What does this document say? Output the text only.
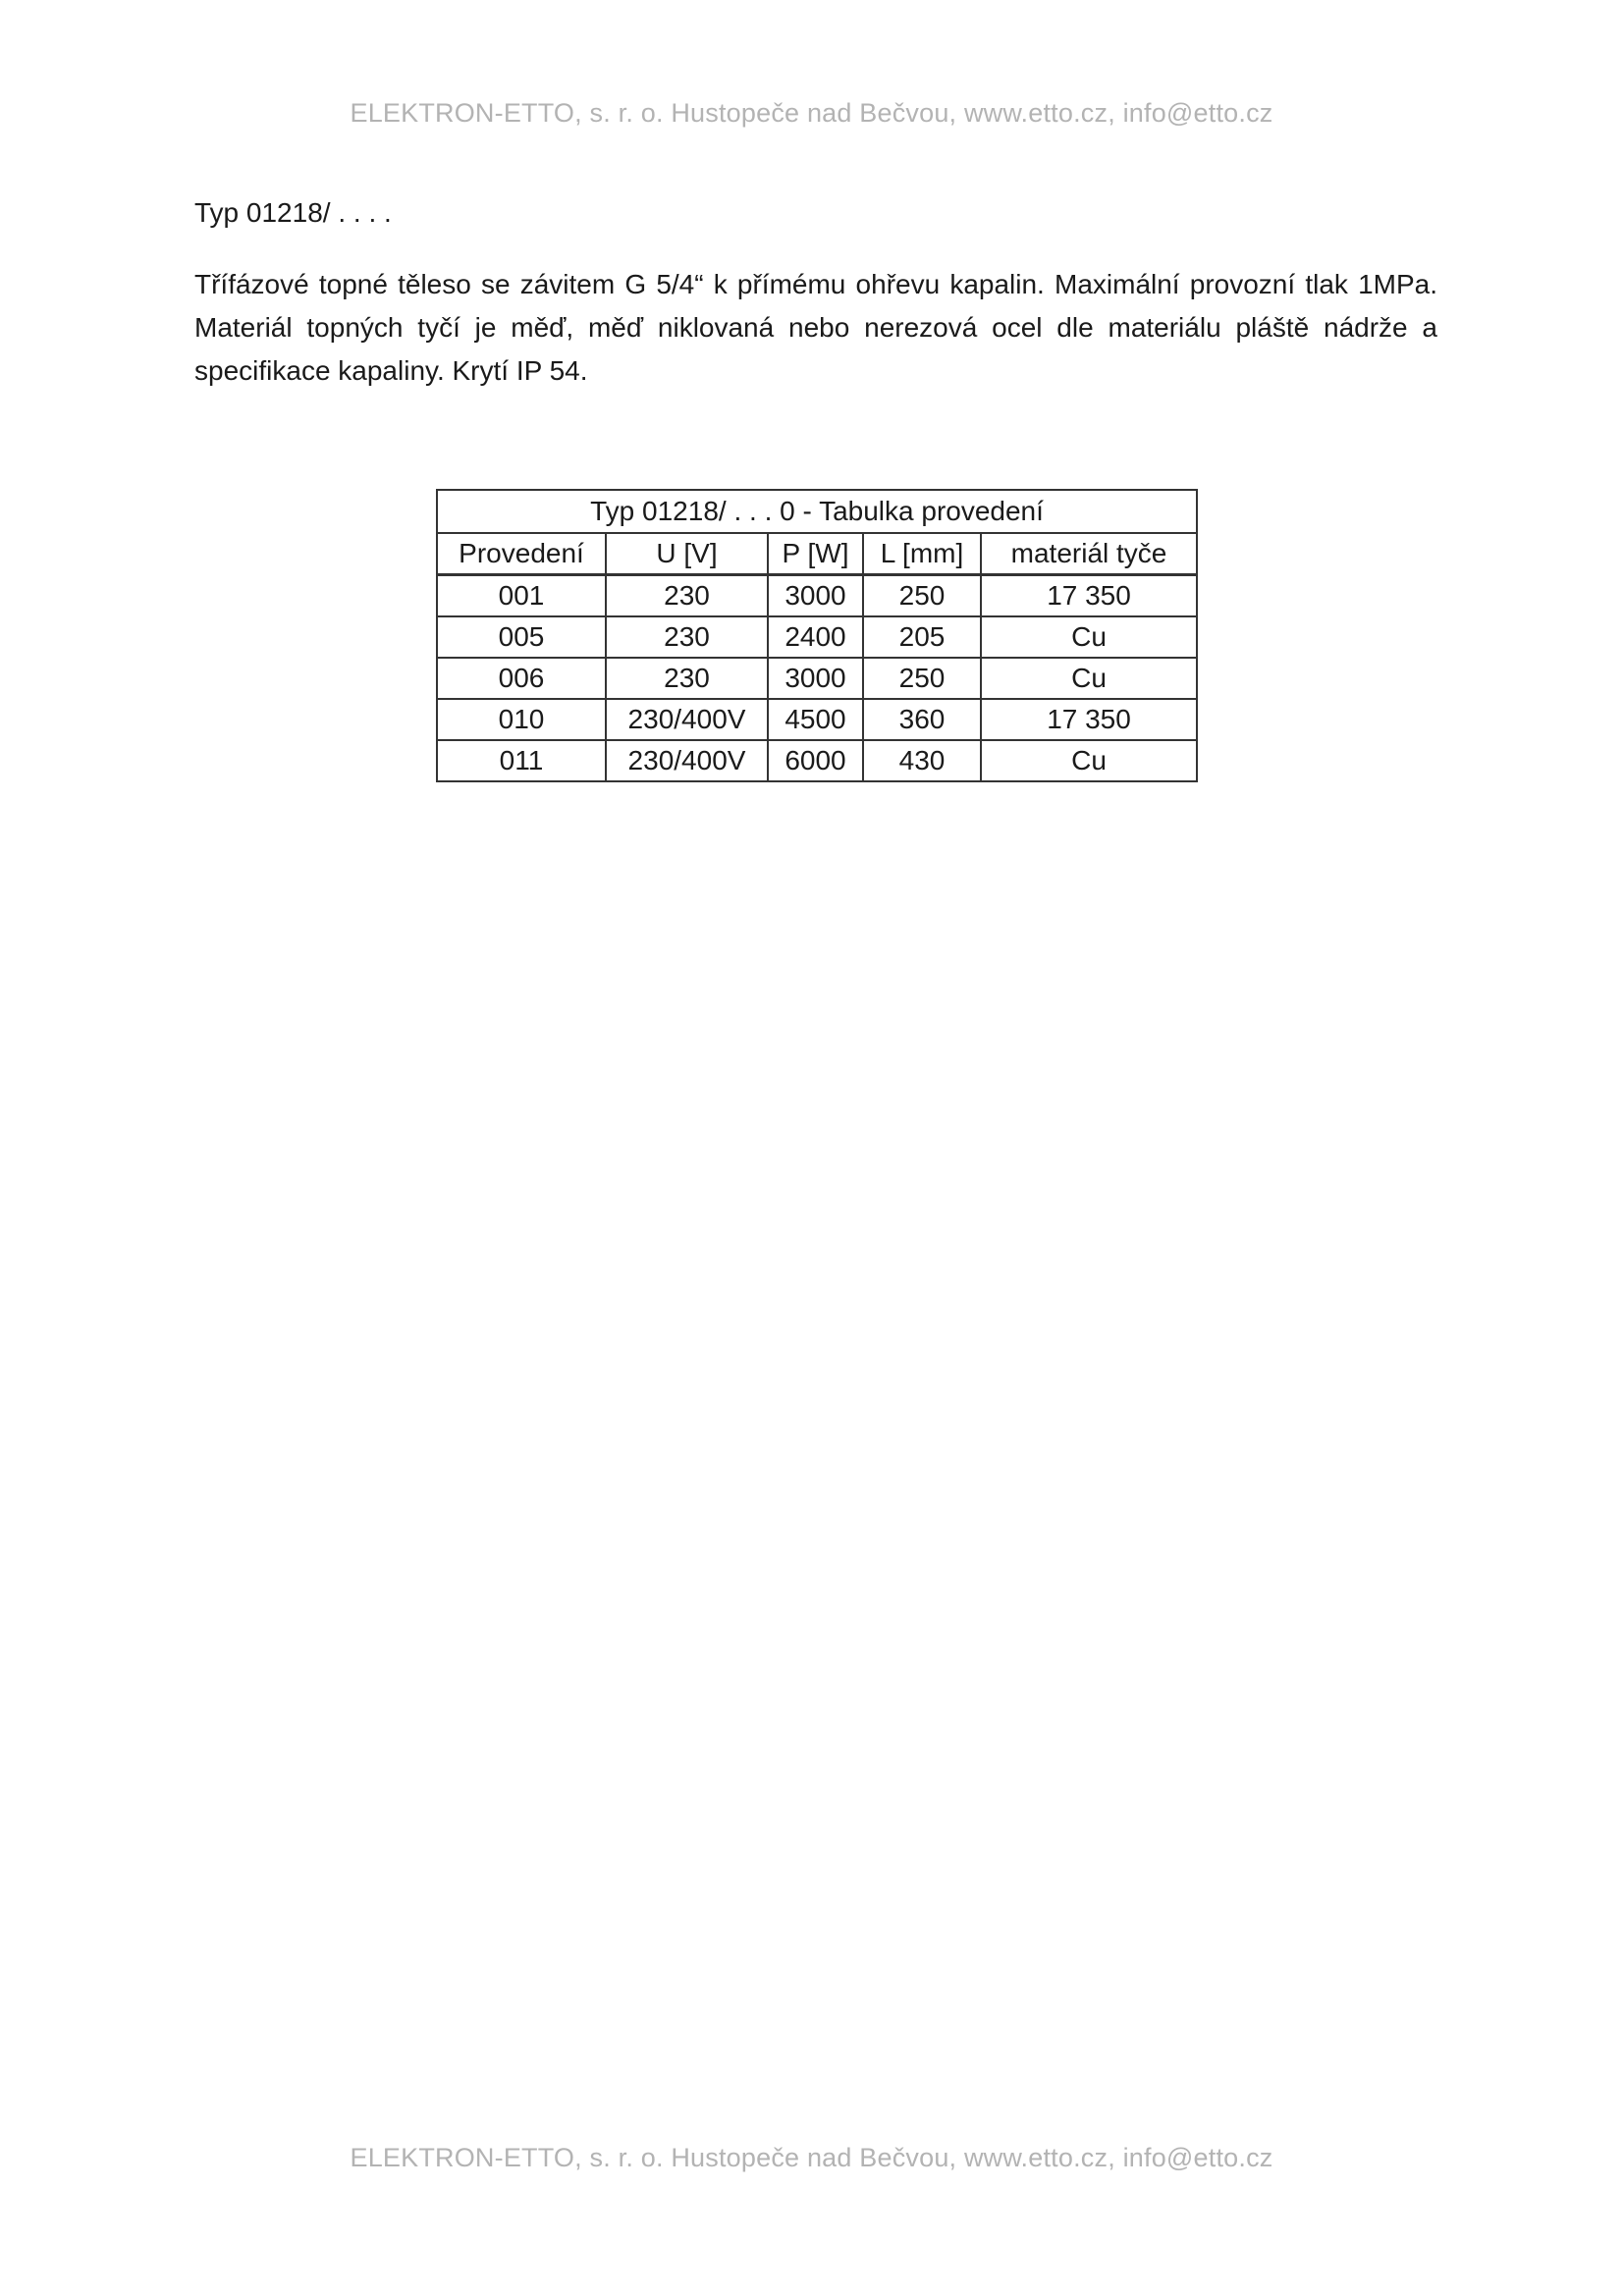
ELEKTRON-ETTO, s. r. o. Hustopeče nad Bečvou, www.etto.cz, info@etto.cz
Typ 01218/ . . . .

Třífázové topné těleso se závitem G 5/4“ k přímému ohřevu kapalin. Maximální provozní tlak 1MPa. Materiál topných tyčí je měď, měď niklovaná nebo nerezová ocel dle materiálu pláště nádrže a specifikace kapaliny. Krytí IP 54.

Typ 01218/ . . . 0 - Tabulka provedení				
Provedení	U [V]	P [W]	L [mm]	materiál tyče
001	230	3000	250	17 350
005	230	2400	205	Cu
006	230	3000	250	Cu
010	230/400V	4500	360	17 350
011	230/400V	6000	430	Cu
ELEKTRON-ETTO, s. r. o. Hustopeče nad Bečvou, www.etto.cz, info@etto.cz
